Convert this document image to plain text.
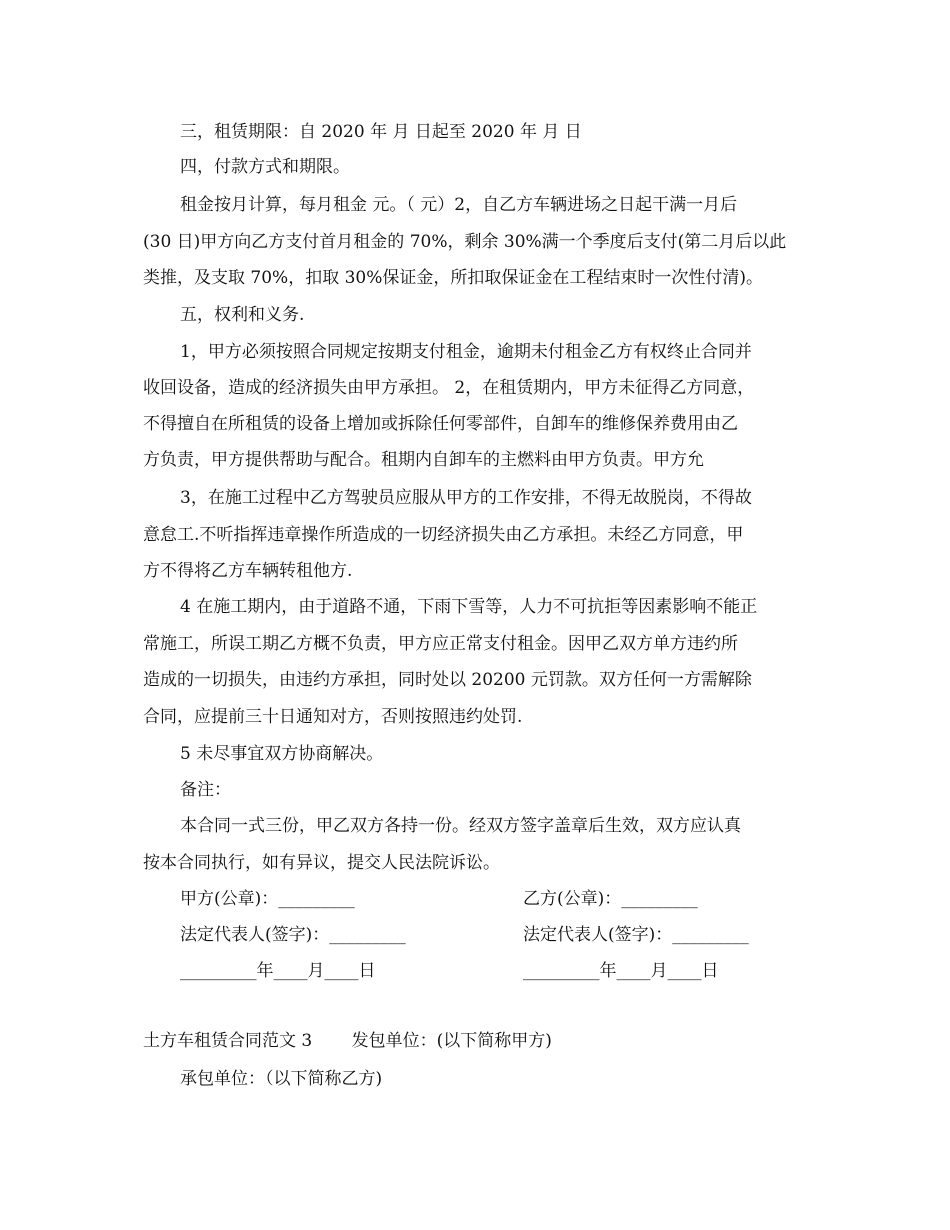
三，租赁期限：自 2020 年 月 日起至 2020 年 月 日
四，付款方式和期限。
租金按月计算，每月租金 元。（ 元）2，自乙方车辆进场之日起干满一月后
(30 日)甲方向乙方支付首月租金的 70%，剩余 30%满一个季度后支付(第二月后以此
类推，及支取 70%，扣取 30%保证金，所扣取保证金在工程结束时一次性付清)。
五，权利和义务.
1，甲方必须按照合同规定按期支付租金，逾期未付租金乙方有权终止合同并
收回设备，造成的经济损失由甲方承担。 2，在租赁期内，甲方未征得乙方同意，
不得擅自在所租赁的设备上增加或拆除任何零部件，自卸车的维修保养费用由乙
方负责，甲方提供帮助与配合。租期内自卸车的主燃料由甲方负责。甲方允
3，在施工过程中乙方驾驶员应服从甲方的工作安排，不得无故脱岗，不得故
意怠工.不听指挥违章操作所造成的一切经济损失由乙方承担。未经乙方同意，甲
方不得将乙方车辆转租他方.
4 在施工期内，由于道路不通，下雨下雪等，人力不可抗拒等因素影响不能正
常施工，所误工期乙方概不负责，甲方应正常支付租金。因甲乙双方单方违约所
造成的一切损失，由违约方承担，同时处以 20200 元罚款。双方任何一方需解除
合同，应提前三十日通知对方，否则按照违约处罚.
5 未尽事宜双方协商解决。
备注：
本合同一式三份，甲乙双方各持一份。经双方签字盖章后生效，双方应认真
按本合同执行，如有异议，提交人民法院诉讼。
甲方(公章)：_________	乙方(公章)：_________
法定代表人(签字)：_________	法定代表人(签字)：_________
_________年____月____日	_________年____月____日
土方车租赁合同范文 3　　 发包单位：(以下简称甲方)
承包单位：（以下简称乙方)
